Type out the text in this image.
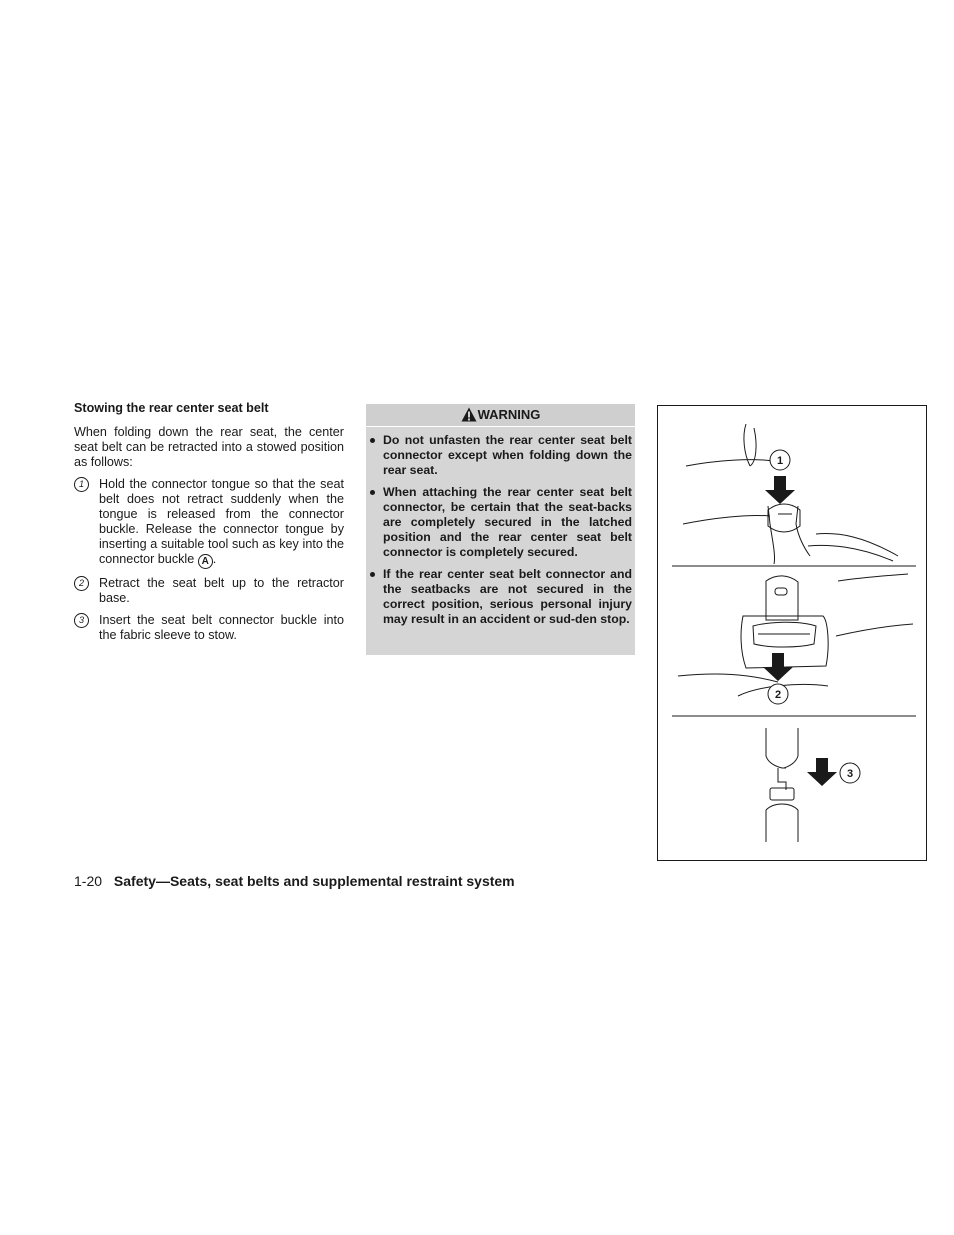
Stowing the rear center seat belt
When folding down the rear seat, the center seat belt can be retracted into a stowed position as follows:
1	Hold the connector tongue so that the seat belt does not retract suddenly when the tongue is released from the connector buckle. Release the connector tongue by inserting a suitable tool such as key into the connector buckle A .
2	Retract the seat belt up to the retractor base.
3	Insert the seat belt connector buckle into the fabric sleeve to stow.
WARNING
Do not unfasten the rear center seat belt connector except when folding down the rear seat.
When attaching the rear center seat belt connector, be certain that the seat-backs are completely secured in the latched position and the rear center seat belt connector is completely secured.
If the rear center seat belt connector and the seatbacks are not secured in the correct position, serious personal injury may result in an accident or sud-den stop.
1
2
3
1-20 Safety—Seats, seat belts and supplemental restraint system
